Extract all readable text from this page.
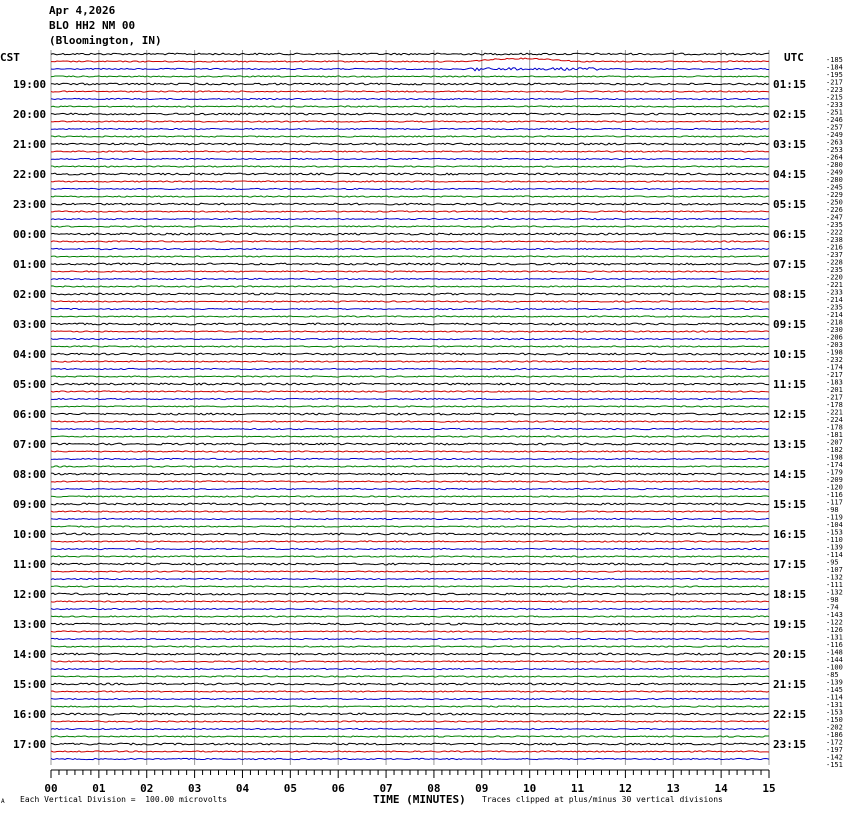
Apr 4,2026
BLO HH2 NM 00
(Bloomington, IN)
19:00
20:00
21:00
22:00
23:00
00:00
01:00
02:00
03:00
04:00
05:00
06:00
07:00
08:00
09:00
10:00
11:00
12:00
13:00
14:00
15:00
16:00
17:00
01:15
02:15
03:15
04:15
05:15
06:15
07:15
08:15
09:15
10:15
11:15
12:15
13:15
14:15
15:15
16:15
17:15
18:15
19:15
20:15
21:15
22:15
23:15
-185
-184
-195
-217
-223
-215
-233
-251
-246
-257
-249
-263
-253
-264
-280
-249
-280
-245
-229
-250
-226
-247
-235
-222
-238
-216
-237
-228
-235
-220
-221
-233
-214
-235
-214
-218
-230
-206
-203
-198
-232
-174
-217
-183
-201
-217
-178
-221
-224
-178
-181
-207
-182
-198
-174
-179
-209
-120
-116
-117
-98
-119
-104
-153
-110
-139
-114
-95
-107
-132
-111
-132
-98
-74
-143
-122
-126
-131
-116
-148
-144
-100
-85
-139
-145
-114
-131
-153
-150
-202
-186
-172
-197
-142
-151
00	01	02	03	04	05	06	07	08	09	10	11	12	13	14	15
CST	UTC
A Each Vertical Division =  100.00 microvolts	TIME (MINUTES) Traces clipped at plus/minus 30 vertical divisions
